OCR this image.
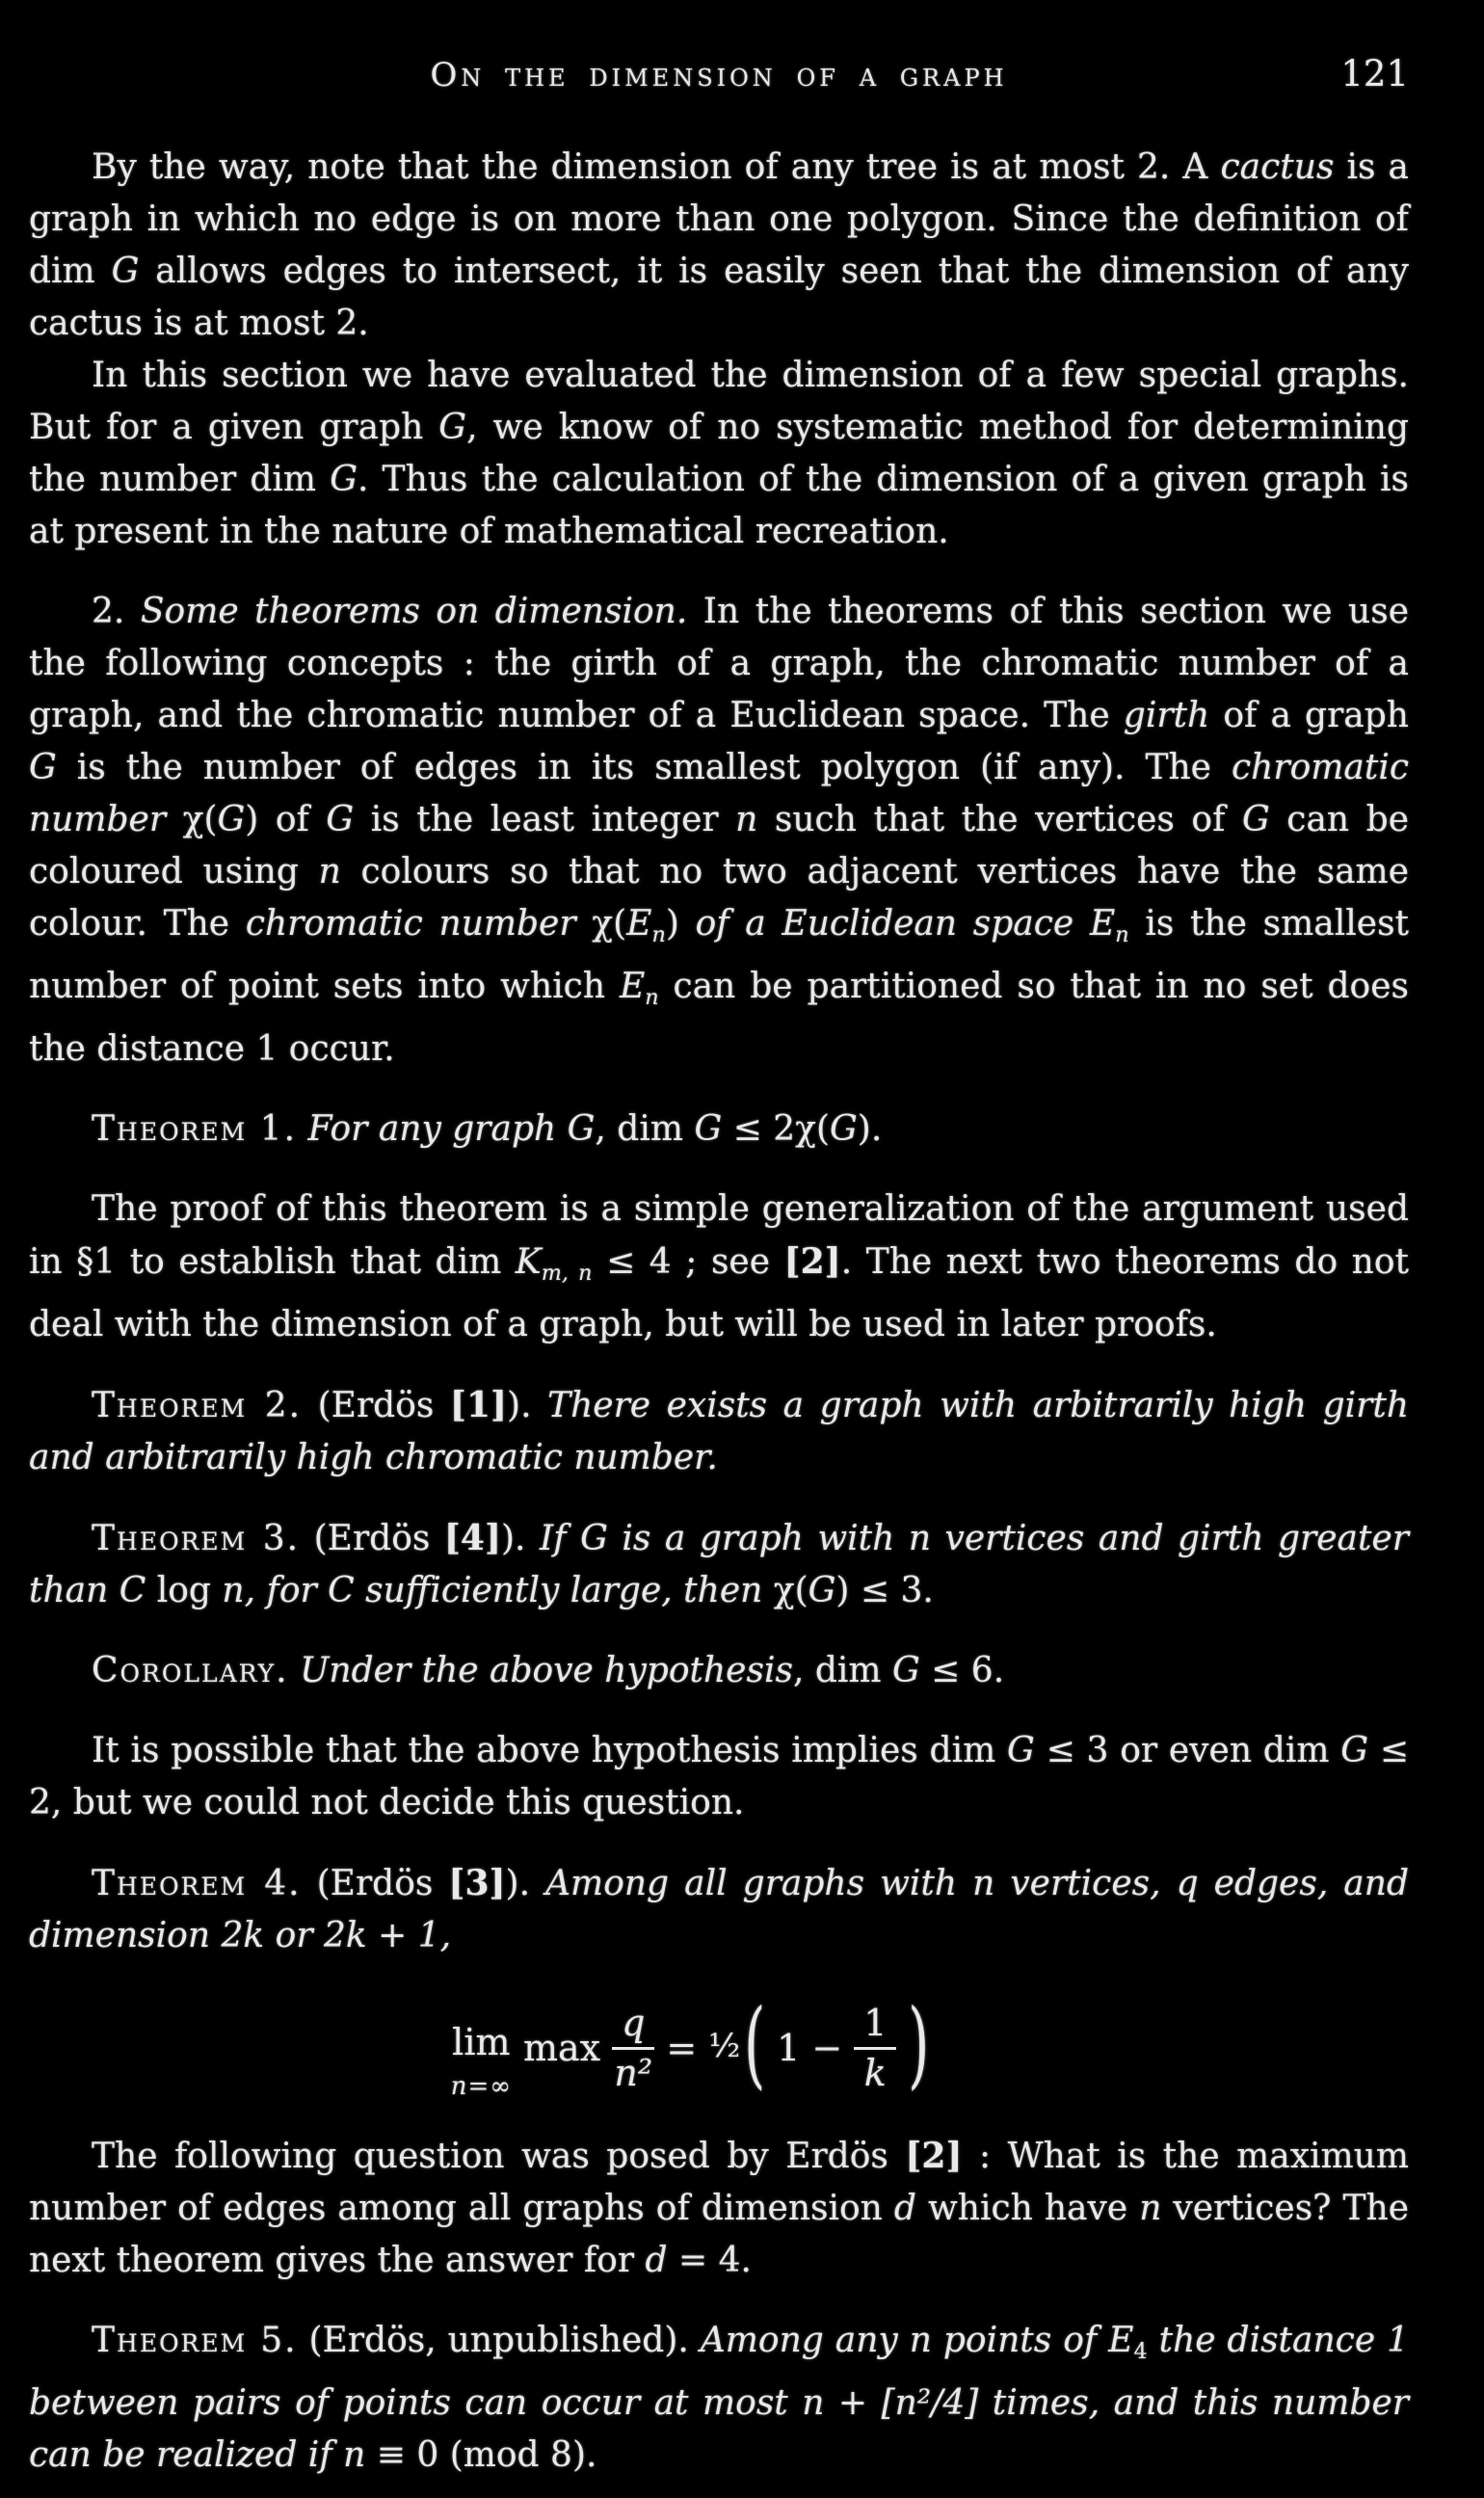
On the dimension of a graph	121

By the way, note that the dimension of any tree is at most 2. A cactus is a graph in which no edge is on more than one polygon. Since the definition of dim G allows edges to intersect, it is easily seen that the dimension of any cactus is at most 2.

In this section we have evaluated the dimension of a few special graphs. But for a given graph G, we know of no systematic method for determining the number dim G. Thus the calculation of the dimension of a given graph is at present in the nature of mathematical recreation.

2. Some theorems on dimension. In the theorems of this section we use the following concepts : the girth of a graph, the chromatic number of a graph, and the chromatic number of a Euclidean space. The girth of a graph G is the number of edges in its smallest polygon (if any). The chromatic number χ(G) of G is the least integer n such that the vertices of G can be coloured using n colours so that no two adjacent vertices have the same colour. The chromatic number χ(En) of a Euclidean space En is the smallest number of point sets into which En can be partitioned so that in no set does the distance 1 occur.

Theorem 1. For any graph G, dim G ≤ 2χ(G).

The proof of this theorem is a simple generalization of the argument used in §1 to establish that dim Km, n ≤ 4 ; see [2]. The next two theorems do not deal with the dimension of a graph, but will be used in later proofs.

Theorem 2. (Erdös [1]). There exists a graph with arbitrarily high girth and arbitrarily high chromatic number.

Theorem 3. (Erdös [4]). If G is a graph with n vertices and girth greater than C log n, for C sufficiently large, then χ(G) ≤ 3.

Corollary. Under the above hypothesis, dim G ≤ 6.

It is possible that the above hypothesis implies dim G ≤ 3 or even dim G ≤ 2, but we could not decide this question.

Theorem 4. (Erdös [3]). Among all graphs with n vertices, q edges, and dimension 2k or 2k + 1,

lim
n=∞
$\max \frac{q}{\text{n²}}$ = ½ ( $1 - \frac{1}{k}$ )

The following question was posed by Erdös [2] : What is the maximum number of edges among all graphs of dimension d which have n vertices? The next theorem gives the answer for d = 4.

Theorem 5. (Erdös, unpublished). Among any n points of E4 the distance 1 between pairs of points can occur at most n + [n²/4] times, and this number can be realized if n ≡ 0 (mod 8).
